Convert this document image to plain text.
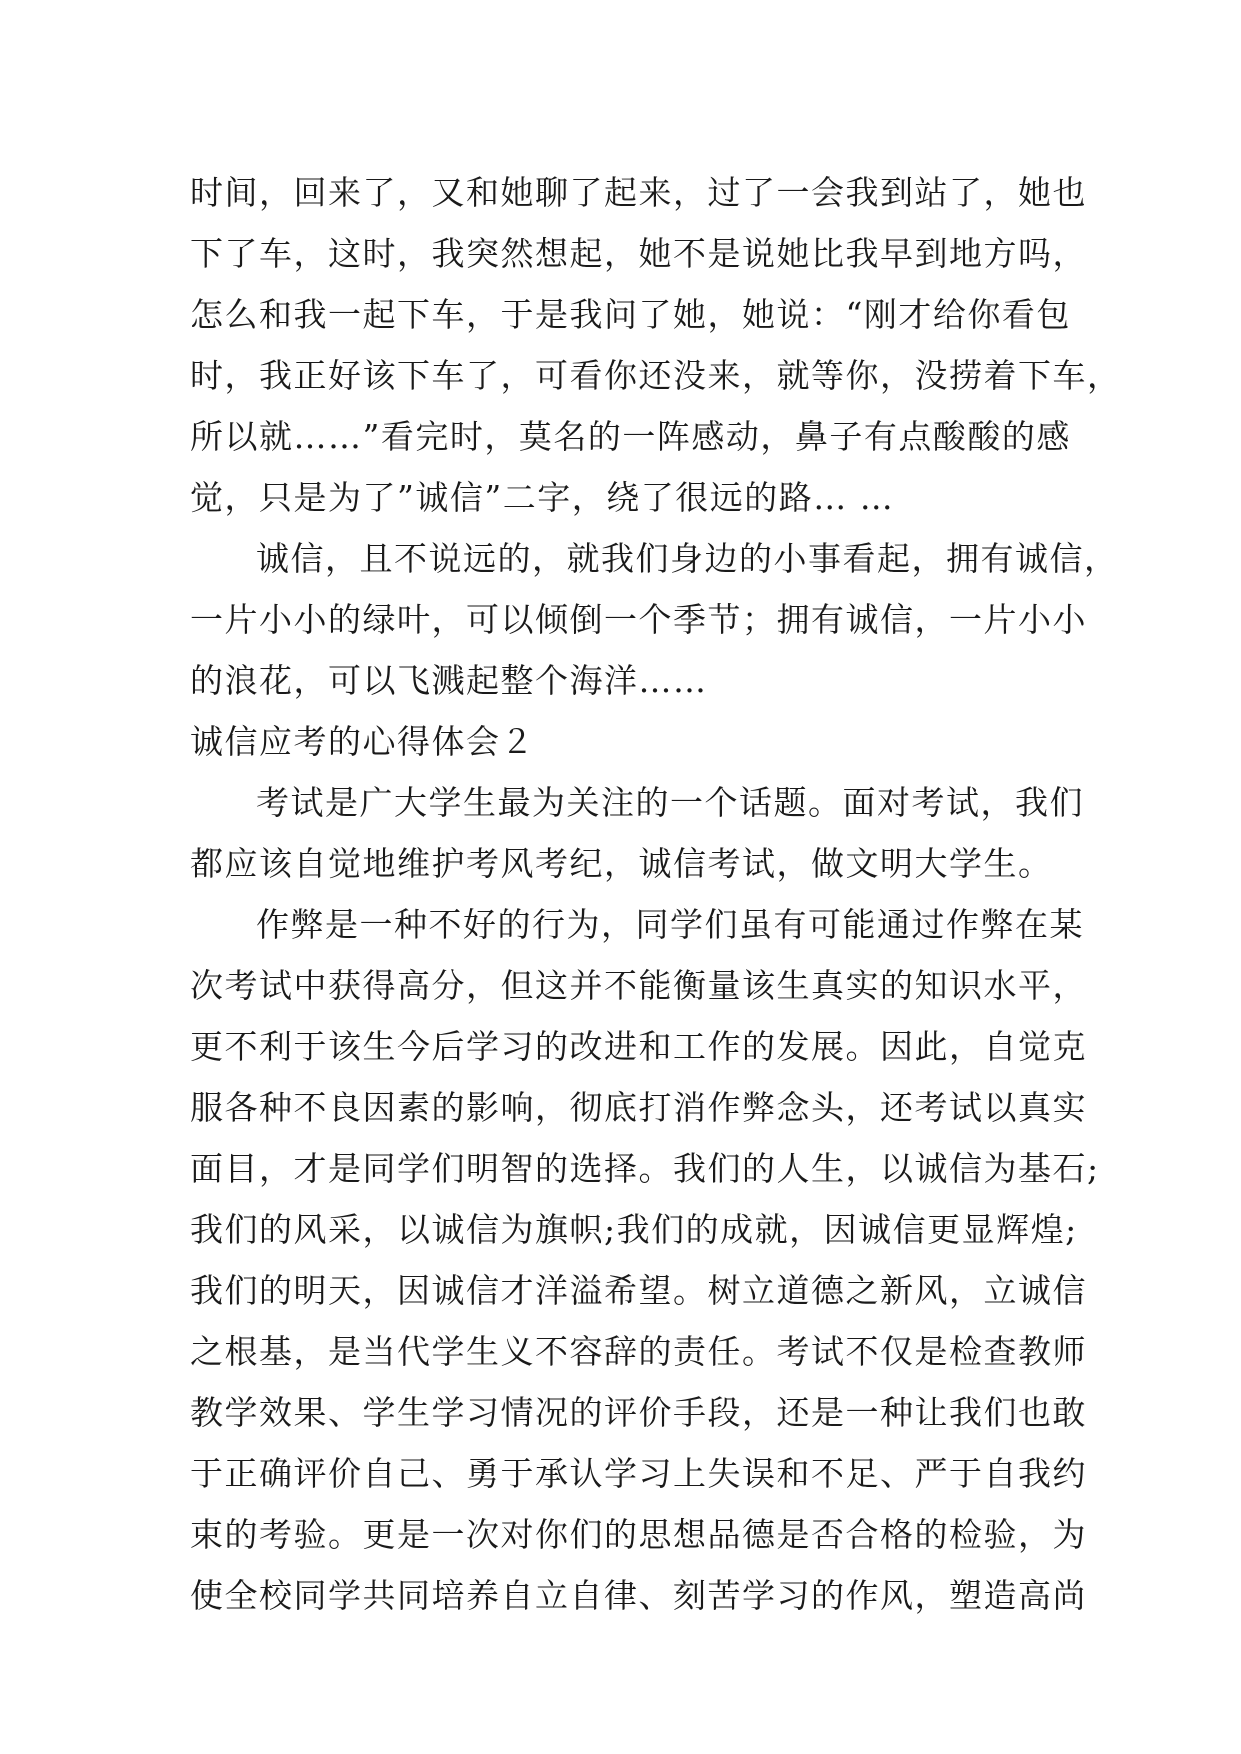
时间，回来了，又和她聊了起来，过了一会我到站了，她也
下了车，这时，我突然想起，她不是说她比我早到地方吗，
怎么和我一起下车，于是我问了她，她说：“刚才给你看包
时，我正好该下车了，可看你还没来，就等你，没捞着下车，
所以就……”看完时，莫名的一阵感动，鼻子有点酸酸的感
觉，只是为了”诚信”二字，绕了很远的路… …
诚信，且不说远的，就我们身边的小事看起，拥有诚信，
一片小小的绿叶，可以倾倒一个季节；拥有诚信，一片小小
的浪花，可以飞溅起整个海洋……
诚信应考的心得体会２
考试是广大学生最为关注的一个话题。面对考试，我们
都应该自觉地维护考风考纪，诚信考试，做文明大学生。
作弊是一种不好的行为，同学们虽有可能通过作弊在某
次考试中获得高分，但这并不能衡量该生真实的知识水平，
更不利于该生今后学习的改进和工作的发展。因此，自觉克
服各种不良因素的影响，彻底打消作弊念头，还考试以真实
面目，才是同学们明智的选择。我们的人生，以诚信为基石;
我们的风采，以诚信为旗帜;我们的成就，因诚信更显辉煌;
我们的明天，因诚信才洋溢希望。树立道德之新风，立诚信
之根基，是当代学生义不容辞的责任。考试不仅是检查教师
教学效果、学生学习情况的评价手段，还是一种让我们也敢
于正确评价自己、勇于承认学习上失误和不足、严于自我约
束的考验。更是一次对你们的思想品德是否合格的检验，为
使全校同学共同培养自立自律、刻苦学习的作风，塑造高尚
